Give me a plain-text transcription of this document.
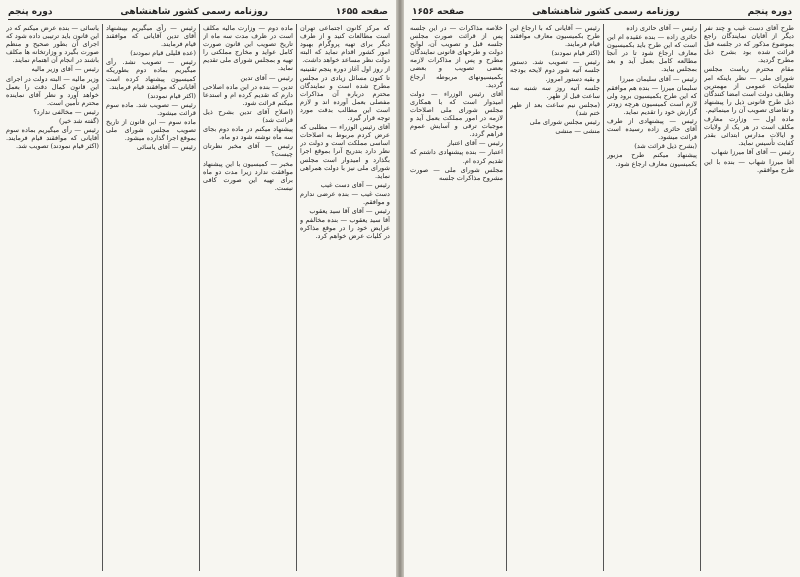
صفحه ۱۶۵۵
روزنامه رسمی کشور شاهنشاهی
دوره پنجم

که مرکز کانون اجتماعی تهران است مطالعات کنید و از طرف دیگر برای تهیه پروگرام بهبود امور کشور اقدام نماید که البته دولت نظر مساعد خواهد داشت.

از روز اول آغاز دوره پنجم تقنینیه تا کنون مسائل زیادی در مجلس مطرح شده است و نمایندگان محترم درباره آن مذاکرات مفصلی بعمل آورده اند و لازم است این مطالب بدقت مورد توجه قرار گیرد.

آقای رئیس الوزراء — مطلبی که عرض کردم مربوط به اصلاحات اساسی مملکت است و دولت در نظر دارد بتدریج آنرا بموقع اجرا بگذارد و امیدوار است مجلس شورای ملی نیز با دولت همراهی نماید.

رئیس — آقای دست غیب

دست غیب — بنده عرضی ندارم و موافقم.

رئیس — آقای آقا سید یعقوب

آقا سید یعقوب — بنده مخالفم و عرایض خود را در موقع مذاکره در کلیات عرض خواهم کرد.

ماده دوم — وزارت مالیه مکلف است در ظرف مدت سه ماه از تاریخ تصویب این قانون صورت کامل عواید و مخارج مملکتی را تهیه و بمجلس شورای ملی تقدیم نماید.

رئیس — آقای تدین

تدین — بنده در این ماده اصلاحی دارم که تقدیم کرده ام و استدعا میکنم قرائت شود.

(اصلاح آقای تدین بشرح ذیل قرائت شد)

پیشنهاد میکنم در ماده دوم بجای سه ماه نوشته شود دو ماه.

رئیس — آقای مخبر نظرتان چیست؟

مخبر — کمیسیون با این پیشنهاد موافقت ندارد زیرا مدت دو ماه برای تهیه این صورت کافی نیست.

رئیس — رأی میگیریم بپیشنهاد آقای تدین آقایانی که موافقند قیام فرمایند.

(عده قلیلی قیام نمودند)

رئیس — تصویب نشد. رأی میگیریم بماده دوم بطوریکه کمیسیون پیشنهاد کرده است آقایانی که موافقند قیام فرمایند.

(اکثر قیام نمودند)

رئیس — تصویب شد. ماده سوم قرائت میشود.

ماده سوم — این قانون از تاریخ تصویب مجلس شورای ملی بموقع اجرا گذارده میشود.

رئیس — آقای یاسائی

یاسائی — بنده عرض میکنم که در این قانون باید ترتیبی داده شود که اجرای آن بطور صحیح و منظم صورت بگیرد و وزارتخانه ها مکلف باشند در انجام آن اهتمام نمایند.

رئیس — آقای وزیر مالیه

وزیر مالیه — البته دولت در اجرای این قانون کمال دقت را بعمل خواهد آورد و نظر آقای نماینده محترم تأمین است.

رئیس — مخالفی ندارد؟

(گفته شد خیر)

رئیس — رأی میگیریم بماده سوم آقایانی که موافقند قیام فرمایند. (اکثر قیام نمودند) تصویب شد.

دوره پنجم
روزنامه رسمی کشور شاهنشاهی
صفحه ۱۶۵۶

طرح آقای دست غیب و چند نفر دیگر از آقایان نمایندگان راجع بموضوع مذکور که در جلسه قبل قرائت شده بود بشرح ذیل مطرح گردید.

مقام محترم ریاست مجلس شورای ملی — نظر باینکه امر تعلیمات عمومی از مهمترین وظایف دولت است امضا کنندگان ذیل طرح قانونی ذیل را پیشنهاد و تقاضای تصویب آن را مینمائیم.

ماده اول — وزارت معارف مکلف است در هر یک از ولایات و ایالات مدارس ابتدائی بقدر کفایت تأسیس نماید.

رئیس — آقای آقا میرزا شهاب

آقا میرزا شهاب — بنده با این طرح موافقم.

رئیس — آقای حائری زاده

حائری زاده — بنده عقیده ام این است که این طرح باید بکمیسیون معارف ارجاع شود تا در آنجا مطالعه کامل بعمل آید و بعد بمجلس بیاید.

رئیس — آقای سلیمان میرزا

سلیمان میرزا — بنده هم موافقم که این طرح بکمیسیون برود ولی لازم است کمیسیون هرچه زودتر گزارش خود را تقدیم نماید.

رئیس — پیشنهادی از طرف آقای حائری زاده رسیده است قرائت میشود.

(بشرح ذیل قرائت شد)

پیشنهاد میکنم طرح مزبور بکمیسیون معارف ارجاع شود.

رئیس — آقایانی که با ارجاع این طرح بکمیسیون معارف موافقند قیام فرمایند.

(اکثر قیام نمودند)

رئیس — تصویب شد. دستور جلسه آتیه شور دوم لایحه بودجه و بقیه دستور امروز.

جلسه آتیه روز سه شنبه سه ساعت قبل از ظهر.

(مجلس نیم ساعت بعد از ظهر ختم شد)

رئیس مجلس شورای ملی

منشی — منشی

خلاصه مذاکرات — در این جلسه پس از قرائت صورت مجلس جلسه قبل و تصویب آن، لوایح دولت و طرحهای قانونی نمایندگان مطرح و پس از مذاکرات لازمه بعضی تصویب و بعضی بکمیسیونهای مربوطه ارجاع گردید.

آقای رئیس الوزراء — دولت امیدوار است که با همکاری مجلس شورای ملی اصلاحات لازمه در امور مملکت بعمل آید و موجبات ترقی و آسایش عموم فراهم گردد.

رئیس — آقای اعتبار

اعتبار — بنده پیشنهادی داشتم که تقدیم کرده ام.

مجلس شورای ملی — صورت مشروح مذاکرات جلسه
